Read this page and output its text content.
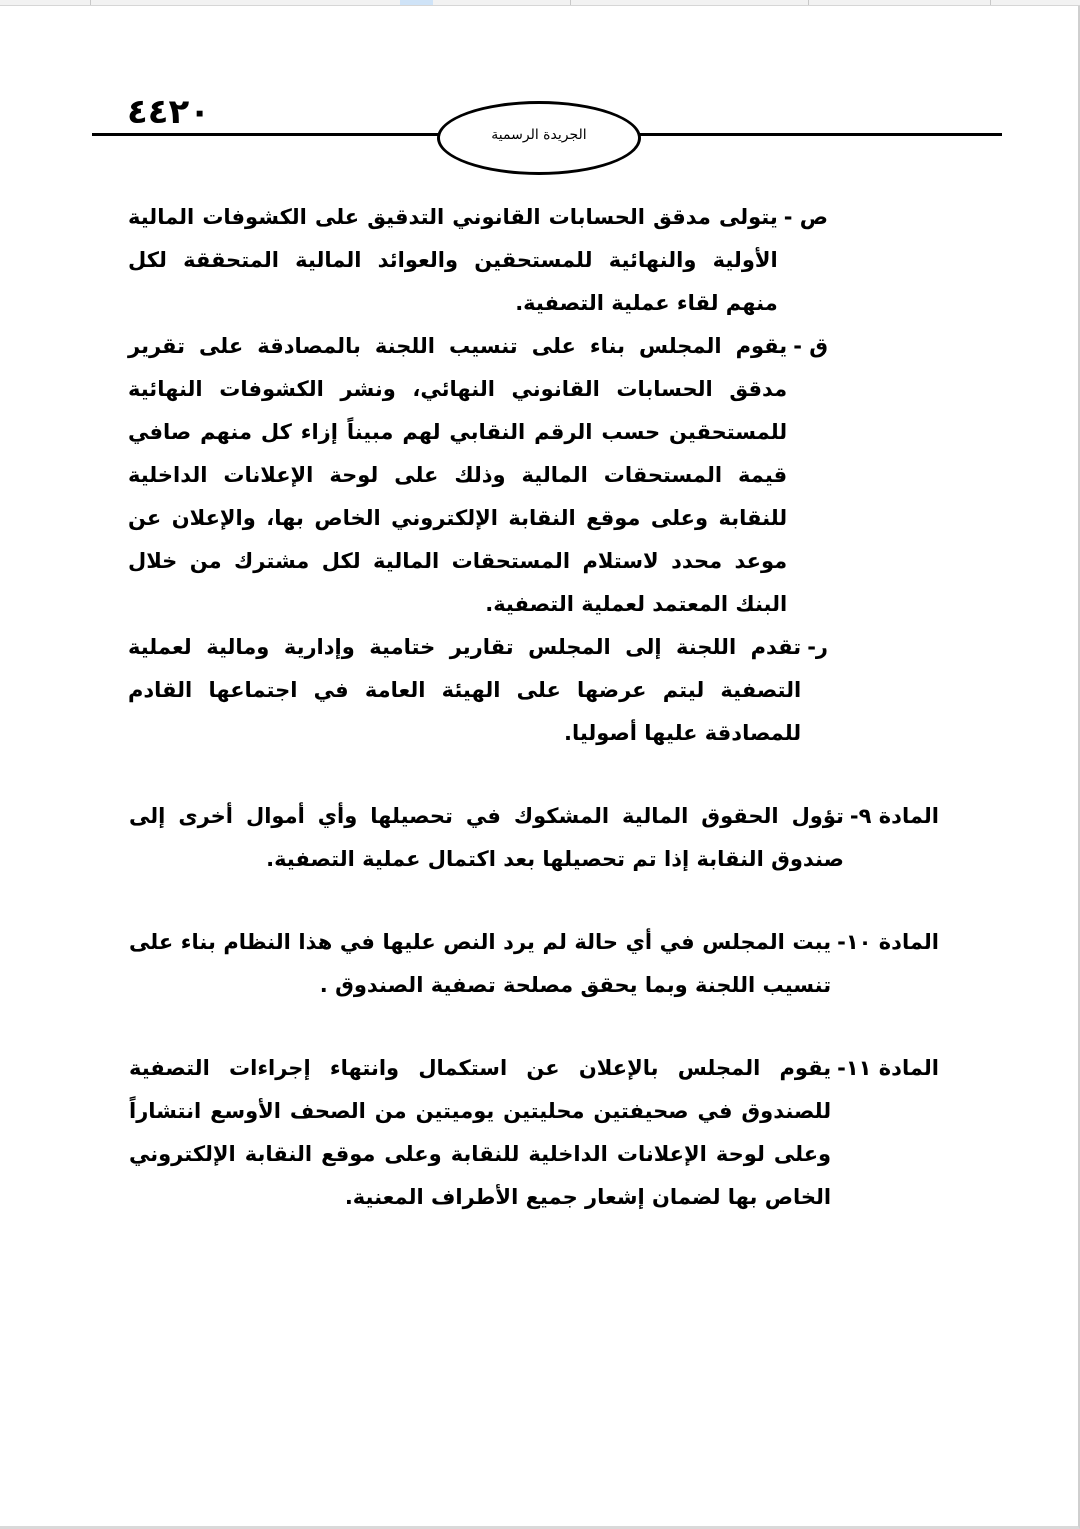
٤٤٢٠
الجريدة الرسمية
ص -
يتولى مدقق الحسابات القانوني التدقيق على الكشوفات المالية الأولية والنهائية للمستحقين والعوائد المالية المتحققة لكل منهم لقاء عملية التصفية.
ق -
يقوم المجلس بناء على تنسيب اللجنة بالمصادقة على تقرير مدقق الحسابات القانوني النهائي، ونشر الكشوفات النهائية للمستحقين حسب الرقم النقابي لهم مبيناً إزاء كل منهم صافي قيمة المستحقات المالية وذلك على لوحة الإعلانات الداخلية للنقابة وعلى موقع النقابة الإلكتروني الخاص بها، والإعلان عن موعد محدد لاستلام المستحقات المالية لكل مشترك من خلال البنك المعتمد لعملية التصفية.
ر-
تقدم اللجنة إلى المجلس تقارير ختامية وإدارية ومالية لعملية التصفية ليتم عرضها على الهيئة العامة في اجتماعها القادم للمصادقة عليها أصوليا.
المادة ٩-
تؤول الحقوق المالية المشكوك في تحصيلها وأي أموال أخرى إلى صندوق النقابة إذا تم تحصيلها بعد اكتمال عملية التصفية.
المادة ١٠-
يبت المجلس في أي حالة لم يرد النص عليها في هذا النظام بناء على تنسيب اللجنة وبما يحقق مصلحة تصفية الصندوق .
المادة ١١-
يقوم المجلس بالإعلان عن استكمال وانتهاء إجراءات التصفية للصندوق في صحيفتين محليتين يوميتين من الصحف الأوسع انتشاراً وعلى لوحة الإعلانات الداخلية للنقابة وعلى موقع النقابة الإلكتروني الخاص بها لضمان إشعار جميع الأطراف المعنية.
